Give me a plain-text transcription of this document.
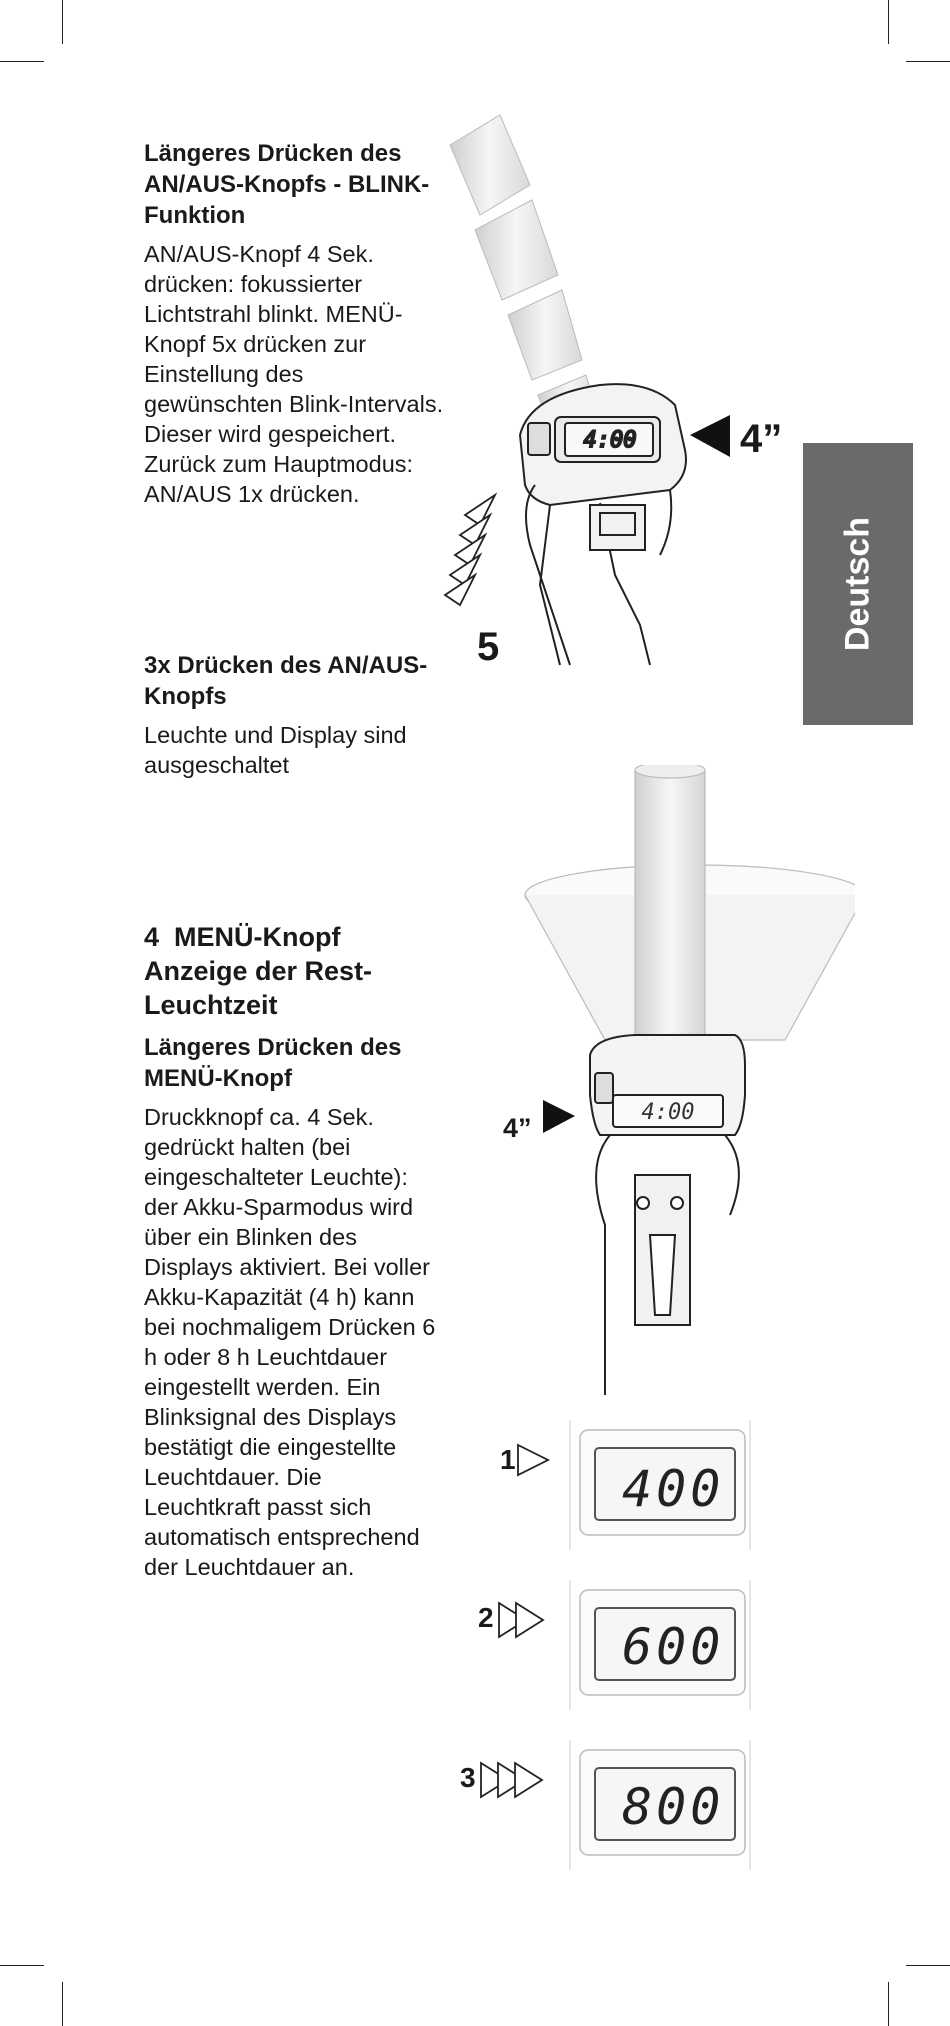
Längeres Drücken des AN/AUS-Knopfs - BLINK-Funktion

AN/AUS-Knopf 4 Sek. drücken: fokussierter Lichtstrahl blinkt. MENÜ-Knopf 5x drücken zur Einstellung des gewünschten Blink-Intervals. Dieser wird gespeichert. Zurück zum Hauptmodus: AN/AUS 1x drücken.

3x Drücken des AN/AUS-Knopfs

Leuchte und Display sind ausgeschaltet

4  MENÜ-Knopf Anzeige der Rest-Leuchtzeit

Längeres Drücken des MENÜ-Knopf

Druckknopf ca. 4 Sek. gedrückt halten (bei eingeschalteter Leuchte): der Akku-Sparmodus wird über ein Blinken des Displays aktiviert. Bei voller Akku-Kapazität (4 h) kann bei nochmaligem Drücken 6 h oder 8 h Leuchtdauer eingestellt werden. Ein Blinksignal des Displays bestätigt die eingestellte Leuchtdauer. Die Leuchtkraft passt sich automatisch entsprechend der Leuchtdauer an.

Deutsch
4:00	4”
5
4:00
4”
1
400
2
600
3
800
